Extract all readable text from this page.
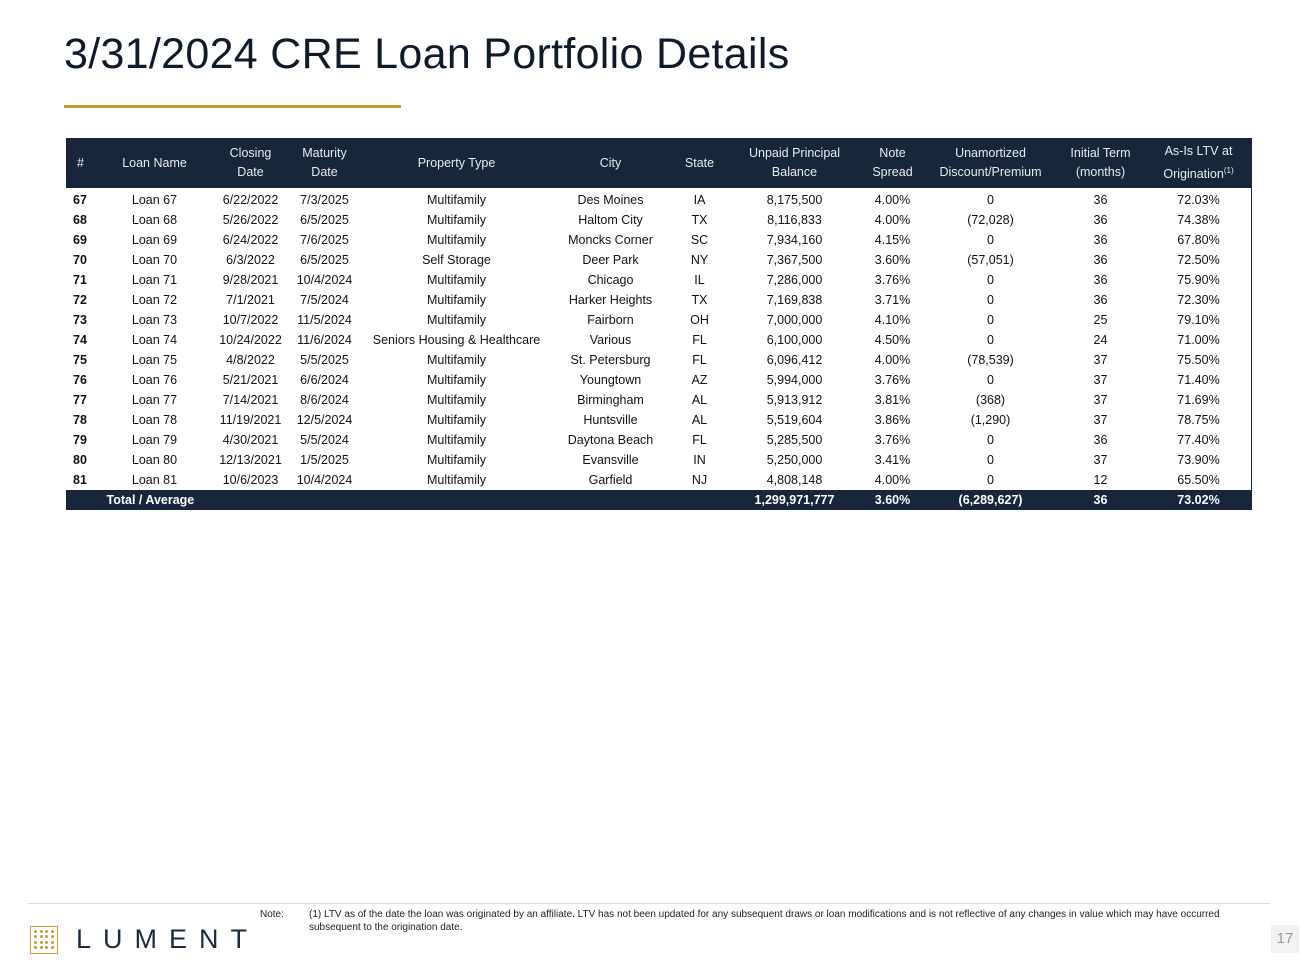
3/31/2024 CRE Loan Portfolio Details
#	Loan Name	Closing Date	Maturity Date	Property Type	City	State	Unpaid Principal Balance	Note Spread	Unamortized Discount/Premium	Initial Term (months)	As-Is LTV at Origination$^{(1)}$
67	Loan 67	6/22/2022	7/3/2025	Multifamily	Des Moines	IA	8,175,500	4.00%	0	36	72.03%
68	Loan 68	5/26/2022	6/5/2025	Multifamily	Haltom City	TX	8,116,833	4.00%	(72,028)	36	74.38%
69	Loan 69	6/24/2022	7/6/2025	Multifamily	Moncks Corner	SC	7,934,160	4.15%	0	36	67.80%
70	Loan 70	6/3/2022	6/5/2025	Self Storage	Deer Park	NY	7,367,500	3.60%	(57,051)	36	72.50%
71	Loan 71	9/28/2021	10/4/2024	Multifamily	Chicago	IL	7,286,000	3.76%	0	36	75.90%
72	Loan 72	7/1/2021	7/5/2024	Multifamily	Harker Heights	TX	7,169,838	3.71%	0	36	72.30%
73	Loan 73	10/7/2022	11/5/2024	Multifamily	Fairborn	OH	7,000,000	4.10%	0	25	79.10%
74	Loan 74	10/24/2022	11/6/2024	Seniors Housing & Healthcare	Various	FL	6,100,000	4.50%	0	24	71.00%
75	Loan 75	4/8/2022	5/5/2025	Multifamily	St. Petersburg	FL	6,096,412	4.00%	(78,539)	37	75.50%
76	Loan 76	5/21/2021	6/6/2024	Multifamily	Youngtown	AZ	5,994,000	3.76%	0	37	71.40%
77	Loan 77	7/14/2021	8/6/2024	Multifamily	Birmingham	AL	5,913,912	3.81%	(368)	37	71.69%
78	Loan 78	11/19/2021	12/5/2024	Multifamily	Huntsville	AL	5,519,604	3.86%	(1,290)	37	78.75%
79	Loan 79	4/30/2021	5/5/2024	Multifamily	Daytona Beach	FL	5,285,500	3.76%	0	36	77.40%
80	Loan 80	12/13/2021	1/5/2025	Multifamily	Evansville	IN	5,250,000	3.41%	0	37	73.90%
81	Loan 81	10/6/2023	10/4/2024	Multifamily	Garfield	NJ	4,808,148	4.00%	0	12	65.50%
Total / Average							1,299,971,777	3.60%	(6,289,627)	36	73.02%
LUMENT
Note:	(1) LTV as of the date the loan was originated by an affiliate. LTV has not been updated for any subsequent draws or loan modifications and is not reflective of any changes in value which may have occurred subsequent to the origination date.
17
